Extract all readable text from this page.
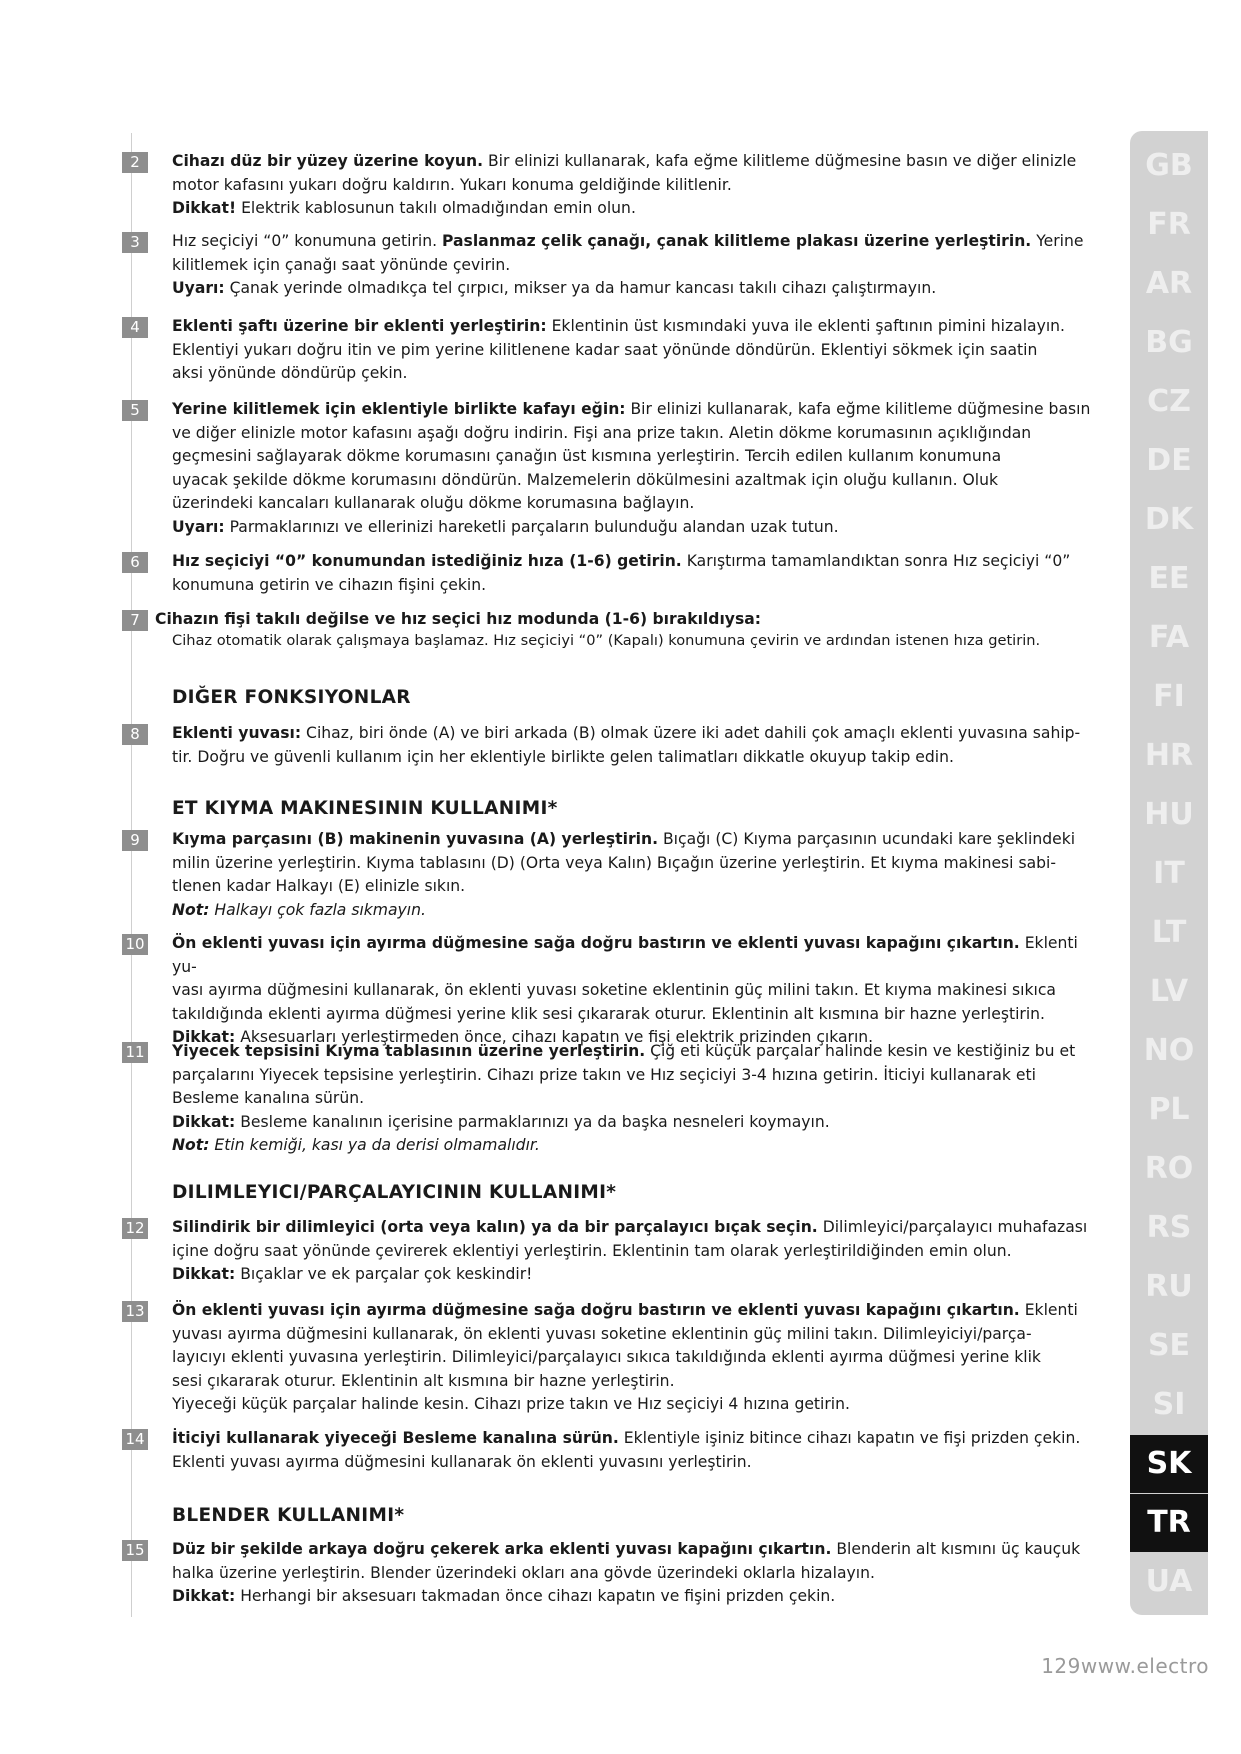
2	Cihazı düz bir yüzey üzerine koyun. Bir elinizi kullanarak, kafa eğme kilitleme düğmesine basın ve diğer elinizle

motor kafasını yukarı doğru kaldırın. Yukarı konuma geldiğinde kilitlenir.

Dikkat! Elektrik kablosunun takılı olmadığından emin olun.

3	Hız seçiciyi “0” konumuna getirin. Paslanmaz çelik çanağı, çanak kilitleme plakası üzerine yerleştirin. Yerine

kilitlemek için çanağı saat yönünde çevirin.

Uyarı: Çanak yerinde olmadıkça tel çırpıcı, mikser ya da hamur kancası takılı cihazı çalıştırmayın.

4	Eklenti şaftı üzerine bir eklenti yerleştirin: Eklentinin üst kısmındaki yuva ile eklenti şaftının pimini hizalayın.

Eklentiyi yukarı doğru itin ve pim yerine kilitlenene kadar saat yönünde döndürün. Eklentiyi sökmek için saatin

aksi yönünde döndürüp çekin.

5	Yerine kilitlemek için eklentiyle birlikte kafayı eğin: Bir elinizi kullanarak, kafa eğme kilitleme düğmesine basın

ve diğer elinizle motor kafasını aşağı doğru indirin. Fişi ana prize takın. Aletin dökme korumasının açıklığından

geçmesini sağlayarak dökme korumasını çanağın üst kısmına yerleştirin. Tercih edilen kullanım konumuna

uyacak şekilde dökme korumasını döndürün. Malzemelerin dökülmesini azaltmak için oluğu kullanın. Oluk

üzerindeki kancaları kullanarak oluğu dökme korumasına bağlayın.

Uyarı: Parmaklarınızı ve ellerinizi hareketli parçaların bulunduğu alandan uzak tutun.

6	Hız seçiciyi “0” konumundan istediğiniz hıza (1-6) getirin. Karıştırma tamamlandıktan sonra Hız seçiciyi “0”

konumuna getirin ve cihazın fişini çekin.

7 Cihazın fişi takılı değilse ve hız seçici hız modunda (1-6) bırakıldıysa:

Cihaz otomatik olarak çalışmaya başlamaz. Hız seçiciyi “0” (Kapalı) konumuna çevirin ve ardından istenen hıza getirin.

DIĞER FONKSIYONLAR
8	Eklenti yuvası: Cihaz, biri önde (A) ve biri arkada (B) olmak üzere iki adet dahili çok amaçlı eklenti yuvasına sahip-

tir. Doğru ve güvenli kullanım için her eklentiyle birlikte gelen talimatları dikkatle okuyup takip edin.

ET KIYMA MAKINESININ KULLANIMI*
9	Kıyma parçasını (B) makinenin yuvasına (A) yerleştirin. Bıçağı (C) Kıyma parçasının ucundaki kare şeklindeki

milin üzerine yerleştirin. Kıyma tablasını (D) (Orta veya Kalın) Bıçağın üzerine yerleştirin. Et kıyma makinesi sabi-

tlenen kadar Halkayı (E) elinizle sıkın.

Not: Halkayı çok fazla sıkmayın.

10 Ön eklenti yuvası için ayırma düğmesine sağa doğru bastırın ve eklenti yuvası kapağını çıkartın. Eklenti yu-

vası ayırma düğmesini kullanarak, ön eklenti yuvası soketine eklentinin güç milini takın. Et kıyma makinesi sıkıca

takıldığında eklenti ayırma düğmesi yerine klik sesi çıkararak oturur. Eklentinin alt kısmına bir hazne yerleştirin.

Dikkat: Aksesuarları yerleştirmeden önce, cihazı kapatın ve fişi elektrik prizinden çıkarın.

11 Yiyecek tepsisini Kıyma tablasının üzerine yerleştirin. Çiğ eti küçük parçalar halinde kesin ve kestiğiniz bu et

parçalarını Yiyecek tepsisine yerleştirin. Cihazı prize takın ve Hız seçiciyi 3-4 hızına getirin. İticiyi kullanarak eti

Besleme kanalına sürün.

Dikkat: Besleme kanalının içerisine parmaklarınızı ya da başka nesneleri koymayın.

Not: Etin kemiği, kası ya da derisi olmamalıdır.

DILIMLEYICI/PARÇALAYICININ KULLANIMI*
12 Silindirik bir dilimleyici (orta veya kalın) ya da bir parçalayıcı bıçak seçin. Dilimleyici/parçalayıcı muhafazası

içine doğru saat yönünde çevirerek eklentiyi yerleştirin. Eklentinin tam olarak yerleştirildiğinden emin olun.

Dikkat: Bıçaklar ve ek parçalar çok keskindir!

13 Ön eklenti yuvası için ayırma düğmesine sağa doğru bastırın ve eklenti yuvası kapağını çıkartın. Eklenti

yuvası ayırma düğmesini kullanarak, ön eklenti yuvası soketine eklentinin güç milini takın. Dilimleyiciyi/parça-

layıcıyı eklenti yuvasına yerleştirin. Dilimleyici/parçalayıcı sıkıca takıldığında eklenti ayırma düğmesi yerine klik

sesi çıkararak oturur. Eklentinin alt kısmına bir hazne yerleştirin.

Yiyeceği küçük parçalar halinde kesin. Cihazı prize takın ve Hız seçiciyi 4 hızına getirin.

14 İticiyi kullanarak yiyeceği Besleme kanalına sürün. Eklentiyle işiniz bitince cihazı kapatın ve fişi prizden çekin.

Eklenti yuvası ayırma düğmesini kullanarak ön eklenti yuvasını yerleştirin.

BLENDER KULLANIMI*
15 Düz bir şekilde arkaya doğru çekerek arka eklenti yuvası kapağını çıkartın. Blenderin alt kısmını üç kauçuk

halka üzerine yerleştirin. Blender üzerindeki okları ana gövde üzerindeki oklarla hizalayın.

Dikkat: Herhangi bir aksesuarı takmadan önce cihazı kapatın ve fişini prizden çekin.

GB
FR
AR
BG
CZ
DE
DK
EE
FA
FI
HR
HU
IT
LT
LV
NO
PL
RO
RS
RU
SE
SI
SK
TR
UA
129www.electro
